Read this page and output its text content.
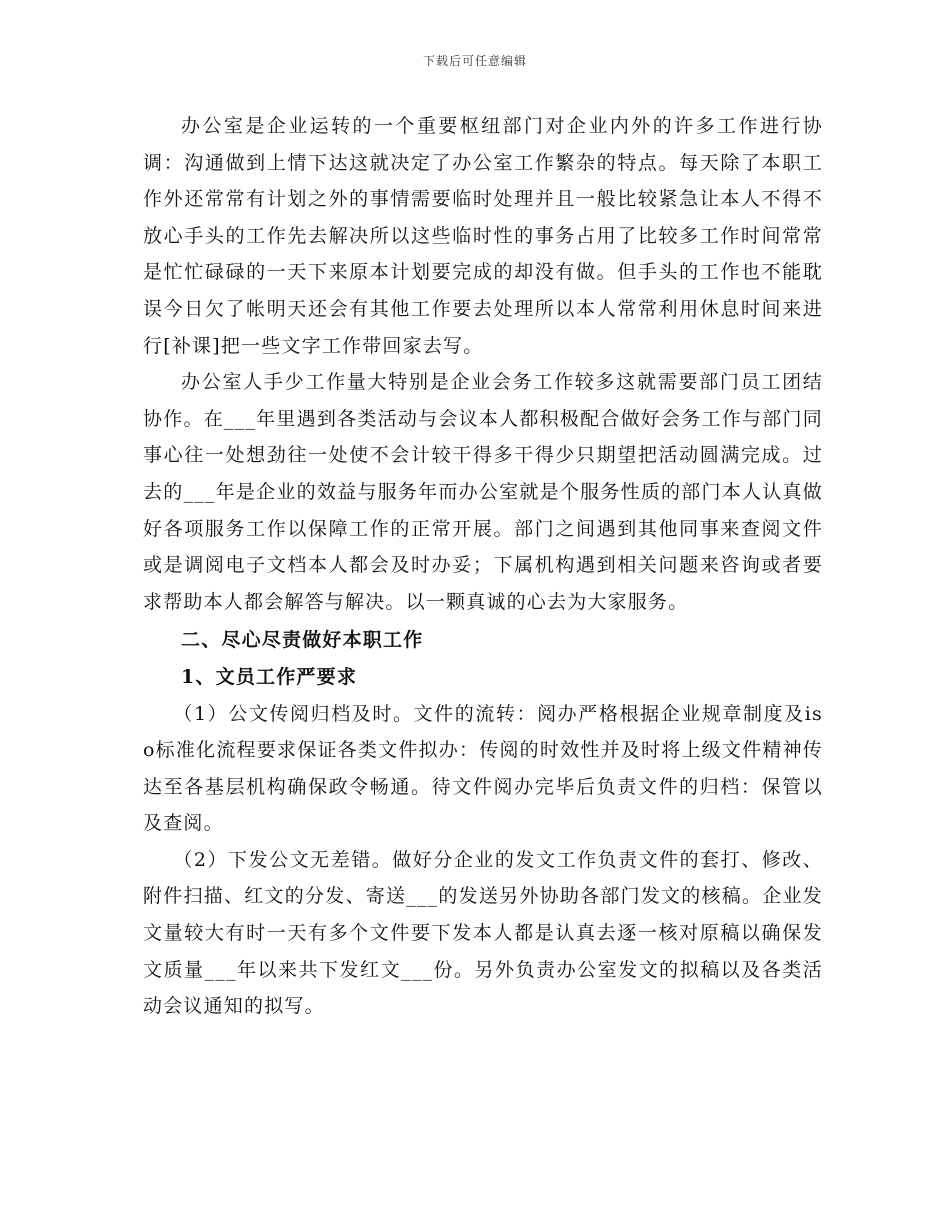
下载后可任意编辑

办公室是企业运转的一个重要枢纽部门对企业内外的许多工作进行协调：沟通做到上情下达这就决定了办公室工作繁杂的特点。每天除了本职工作外还常常有计划之外的事情需要临时处理并且一般比较紧急让本人不得不放心手头的工作先去解决所以这些临时性的事务占用了比较多工作时间常常是忙忙碌碌的一天下来原本计划要完成的却没有做。但手头的工作也不能耽误今日欠了帐明天还会有其他工作要去处理所以本人常常利用休息时间来进行[补课]把一些文字工作带回家去写。

办公室人手少工作量大特别是企业会务工作较多这就需要部门员工团结协作。在___年里遇到各类活动与会议本人都积极配合做好会务工作与部门同事心往一处想劲往一处使不会计较干得多干得少只期望把活动圆满完成。过去的___年是企业的效益与服务年而办公室就是个服务性质的部门本人认真做好各项服务工作以保障工作的正常开展。部门之间遇到其他同事来查阅文件或是调阅电子文档本人都会及时办妥；下属机构遇到相关问题来咨询或者要求帮助本人都会解答与解决。以一颗真诚的心去为大家服务。

二、尽心尽责做好本职工作

1、文员工作严要求

（1）公文传阅归档及时。文件的流转：阅办严格根据企业规章制度及iso标准化流程要求保证各类文件拟办：传阅的时效性并及时将上级文件精神传达至各基层机构确保政令畅通。待文件阅办完毕后负责文件的归档：保管以及查阅。

（2）下发公文无差错。做好分企业的发文工作负责文件的套打、修改、附件扫描、红文的分发、寄送___的发送另外协助各部门发文的核稿。企业发文量较大有时一天有多个文件要下发本人都是认真去逐一核对原稿以确保发文质量___年以来共下发红文___份。另外负责办公室发文的拟稿以及各类活动会议通知的拟写。
